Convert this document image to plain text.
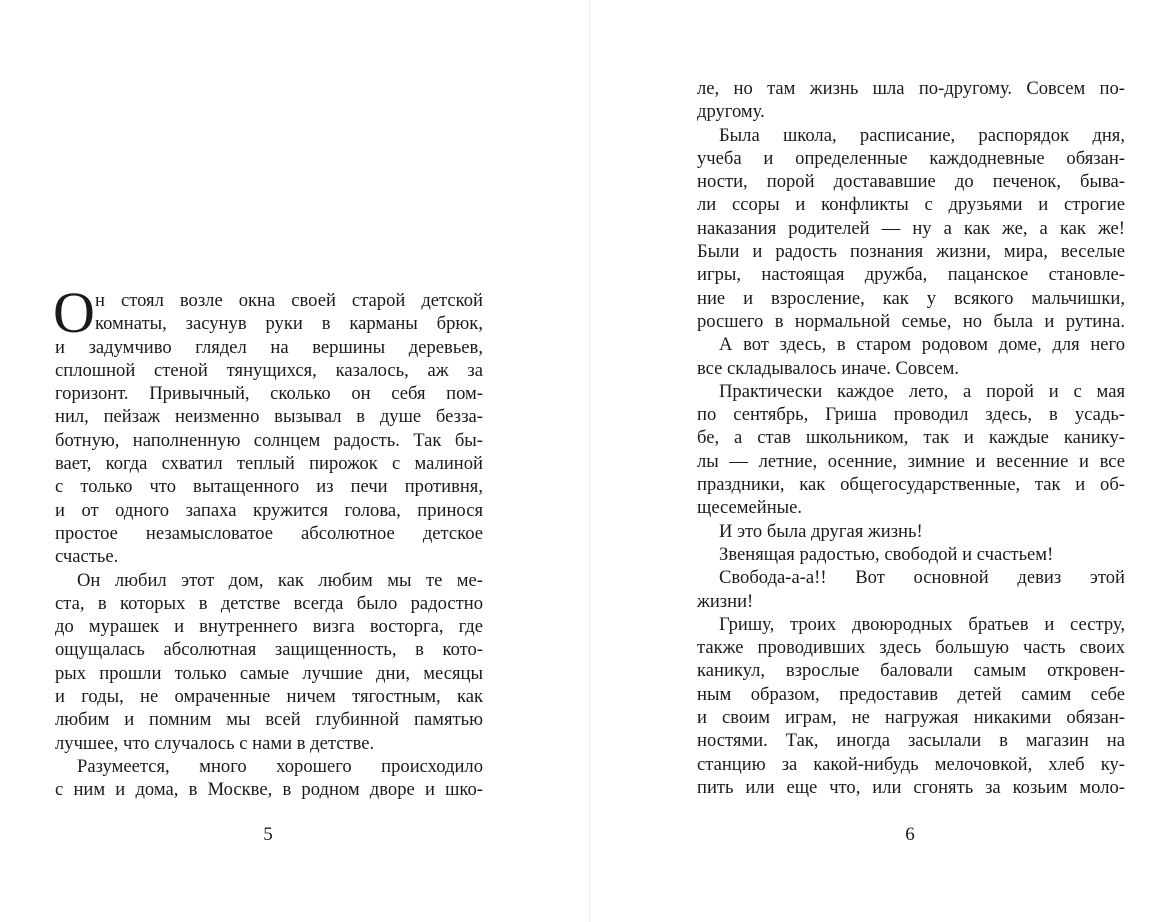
О н стоял возле окна своей старой детской
комнаты, засунув руки в карманы брюк,
и задумчиво глядел на вершины деревьев,
сплошной стеной тянущихся, казалось, аж за
горизонт. Привычный, сколько он себя пом-
нил, пейзаж неизменно вызывал в душе безза-
ботную, наполненную солнцем радость. Так бы-
вает, когда схватил теплый пирожок с малиной
с только что вытащенного из печи противня,
и от одного запаха кружится голова, принося
простое незамысловатое абсолютное детское
счастье.
Он любил этот дом, как любим мы те ме-
ста, в которых в детстве всегда было радостно
до мурашек и внутреннего визга восторга, где
ощущалась абсолютная защищенность, в кото-
рых прошли только самые лучшие дни, месяцы
и годы, не омраченные ничем тягостным, как
любим и помним мы всей глубинной памятью
лучшее, что случалось с нами в детстве.
Разумеется, много хорошего происходило
с ним и дома, в Москве, в родном дворе и шко-
ле, но там жизнь шла по-другому. Совсем по-
другому.
Была школа, расписание, распорядок дня,
учеба и определенные каждодневные обязан-
ности, порой достававшие до печенок, быва-
ли ссоры и конфликты с друзьями и строгие
наказания родителей — ну а как же, а как же!
Были и радость познания жизни, мира, веселые
игры, настоящая дружба, пацанское становле-
ние и взросление, как у всякого мальчишки,
росшего в нормальной семье, но была и рутина.
А вот здесь, в старом родовом доме, для него
все складывалось иначе. Совсем.
Практически каждое лето, а порой и с мая
по сентябрь, Гриша проводил здесь, в усадь-
бе, а став школьником, так и каждые канику-
лы — летние, осенние, зимние и весенние и все
праздники, как общегосударственные, так и об-
щесемейные.
И это была другая жизнь!
Звенящая радостью, свободой и счастьем!
Свобода-а-а!! Вот основной девиз этой
жизни!
Гришу, троих двоюродных братьев и сестру,
также проводивших здесь большую часть своих
каникул, взрослые баловали самым откровен-
ным образом, предоставив детей самим себе
и своим играм, не нагружая никакими обязан-
ностями. Так, иногда засылали в магазин на
станцию за какой-нибудь мелочовкой, хлеб ку-
пить или еще что, или сгонять за козьим моло-
5	6
